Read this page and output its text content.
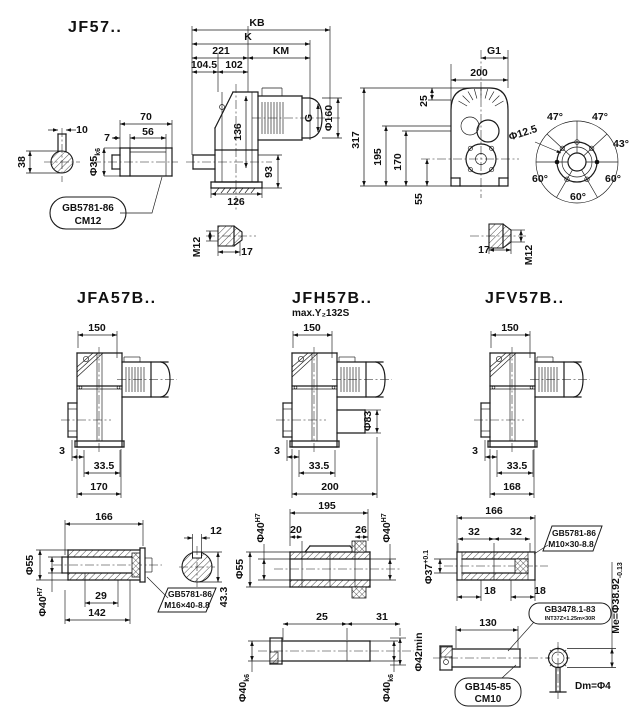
JF57..
10
38
70
56
7
$\Phi 35_{k6}$
GB5781-86
CM12
KB
K
221	KM
104.5 102
136
93
126
G Φ160
M12	17
G1
200
317
195 170
25
55
17	M12
47°	47°
43°
60°	60°
60°
Φ12.5
JFA57B..	JFH57B..
max.Y₂132S
JFV57B..
150
3
33.5
170
Φ83
150
3
33.5
200
150
3
33.5
168
166
Φ55
$\Phi 40^{H7}$	29
142
GB5781-86
M16×40-8.8
12
43.3
195
20	26
$\Phi 40^{H7}$
Φ55
$\Phi 40^{H7}$
25	31
$\Phi 40_{k6}$
$\Phi 40_{k6}$
Φ42min
166
32	32
$\Phi 37^{+0.1}$
18	18
GB5781-86
M10×30-8.8
130
GB3478.1-83
INT37Z×1.25m×30R
GB145-85
CM10
Dm=Φ4
$Me=\Phi 38.92_{-0.13}$
